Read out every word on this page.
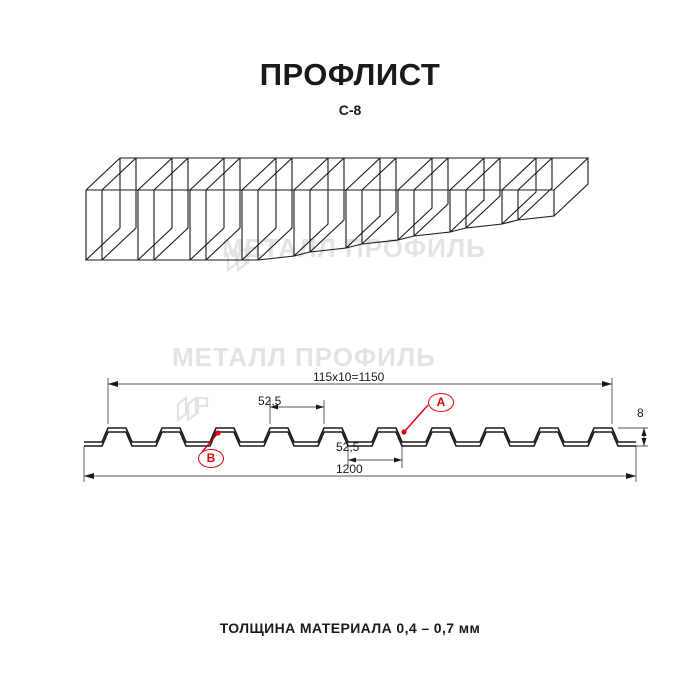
ПРОФЛИСТ
С-8
МЕТАЛЛ ПРОФИЛЬ
МЕТАЛЛ ПРОФИЛЬ
115х10=1150
52,5
52,5
1200
8
A
B
ТОЛЩИНА МАТЕРИАЛА 0,4 – 0,7 мм
